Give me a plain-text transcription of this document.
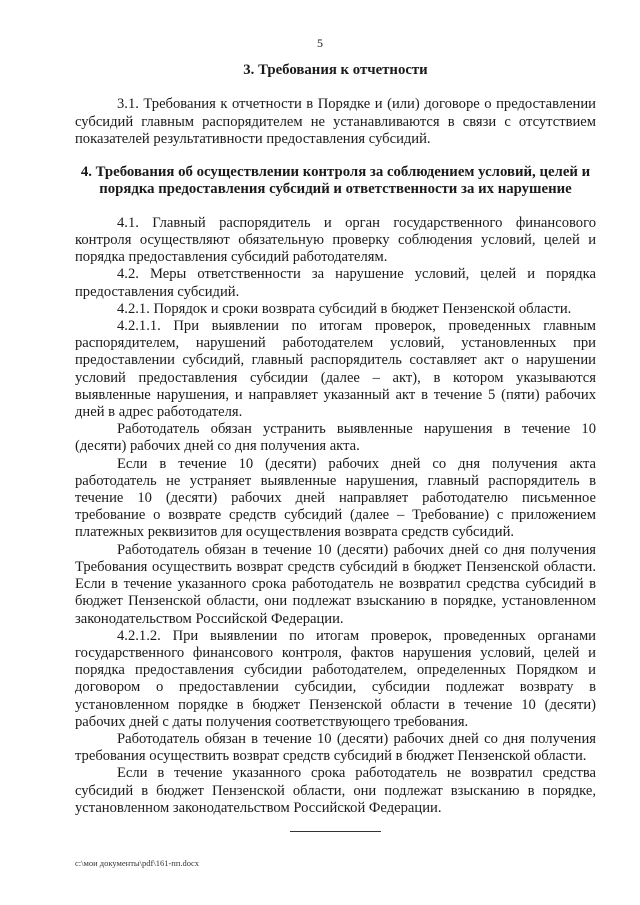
5
3. Требования к отчетности

3.1. Требования к отчетности в Порядке и (или) договоре о предоставлении субсидий главным распорядителем не устанавливаются в связи с отсутствием показателей результативности предоставления субсидий.

4. Требования об осуществлении контроля за соблюдением условий, целей и порядка предоставления субсидий и ответственности за их нарушение

4.1. Главный распорядитель и орган государственного финансового контроля осуществляют обязательную проверку соблюдения условий, целей и порядка предоставления субсидий работодателям.

4.2. Меры ответственности за нарушение условий, целей и порядка предоставления субсидий.

4.2.1. Порядок и сроки возврата субсидий в бюджет Пензенской области.

4.2.1.1. При выявлении по итогам проверок, проведенных главным распорядителем, нарушений работодателем условий, установленных при предоставлении субсидий, главный распорядитель составляет акт о нарушении условий предоставления субсидии (далее – акт), в котором указываются выявленные нарушения, и направляет указанный акт в течение 5 (пяти) рабочих дней в адрес работодателя.

Работодатель обязан устранить выявленные нарушения в течение 10 (десяти) рабочих дней со дня получения акта.

Если в течение 10 (десяти) рабочих дней со дня получения акта работодатель не устраняет выявленные нарушения, главный распорядитель в течение 10 (десяти) рабочих дней направляет работодателю письменное требование о возврате средств субсидий (далее – Требование) с приложением платежных реквизитов для осуществления возврата средств субсидий.

Работодатель обязан в течение 10 (десяти) рабочих дней со дня получения Требования осуществить возврат средств субсидий в бюджет Пензенской области. Если в течение указанного срока работодатель не возвратил средства субсидий в бюджет Пензенской области, они подлежат взысканию в порядке, установленном законодательством Российской Федерации.

4.2.1.2. При выявлении по итогам проверок, проведенных органами государственного финансового контроля, фактов нарушения условий, целей и порядка предоставления субсидии работодателем, определенных Порядком и договором о предоставлении субсидии, субсидии подлежат возврату в установленном порядке в бюджет Пензенской области в течение 10 (десяти) рабочих дней с даты получения соответствующего требования.

Работодатель обязан в течение 10 (десяти) рабочих дней со дня получения требования осуществить возврат средств субсидий в бюджет Пензенской области.

Если в течение указанного срока работодатель не возвратил средства субсидий в бюджет Пензенской области, они подлежат взысканию в порядке, установленном законодательством Российской Федерации.

c:\мои документы\pdf\161-пп.docx
